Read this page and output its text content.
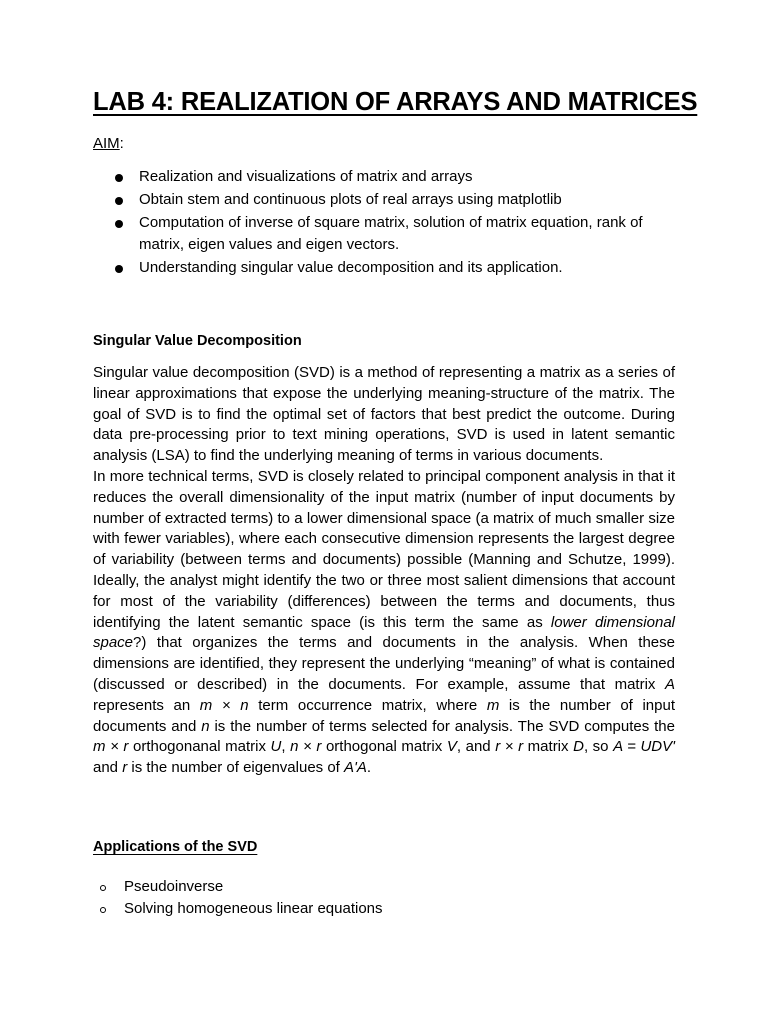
LAB 4: REALIZATION OF ARRAYS AND MATRICES
AIM:
Realization and visualizations of matrix and arrays
Obtain stem and continuous plots of real arrays using matplotlib
Computation of inverse of square matrix, solution of matrix equation, rank of matrix, eigen values and eigen vectors.
Understanding singular value decomposition and its application.
Singular Value Decomposition

Singular value decomposition (SVD) is a method of representing a matrix as a series of linear approximations that expose the underlying meaning-structure of the matrix. The goal of SVD is to find the optimal set of factors that best predict the outcome. During data pre-processing prior to text mining operations, SVD is used in latent semantic analysis (LSA) to find the underlying meaning of terms in various documents.

In more technical terms, SVD is closely related to principal component analysis in that it reduces the overall dimensionality of the input matrix (number of input documents by number of extracted terms) to a lower dimensional space (a matrix of much smaller size with fewer variables), where each consecutive dimension represents the largest degree of variability (between terms and documents) possible (Manning and Schutze, 1999). Ideally, the analyst might identify the two or three most salient dimensions that account for most of the variability (differences) between the terms and documents, thus identifying the latent semantic space (is this term the same as lower dimensional space?) that organizes the terms and documents in the analysis. When these dimensions are identified, they represent the underlying “meaning” of what is contained (discussed or described) in the documents. For example, assume that matrix A represents an m × n term occurrence matrix, where m is the number of input documents and n is the number of terms selected for analysis. The SVD computes the m × r orthogonanal matrix U, n × r orthogonal matrix V, and r × r matrix D, so A = UDV' and r is the number of eigenvalues of A'A.

Applications of the SVD
Pseudoinverse
Solving homogeneous linear equations
